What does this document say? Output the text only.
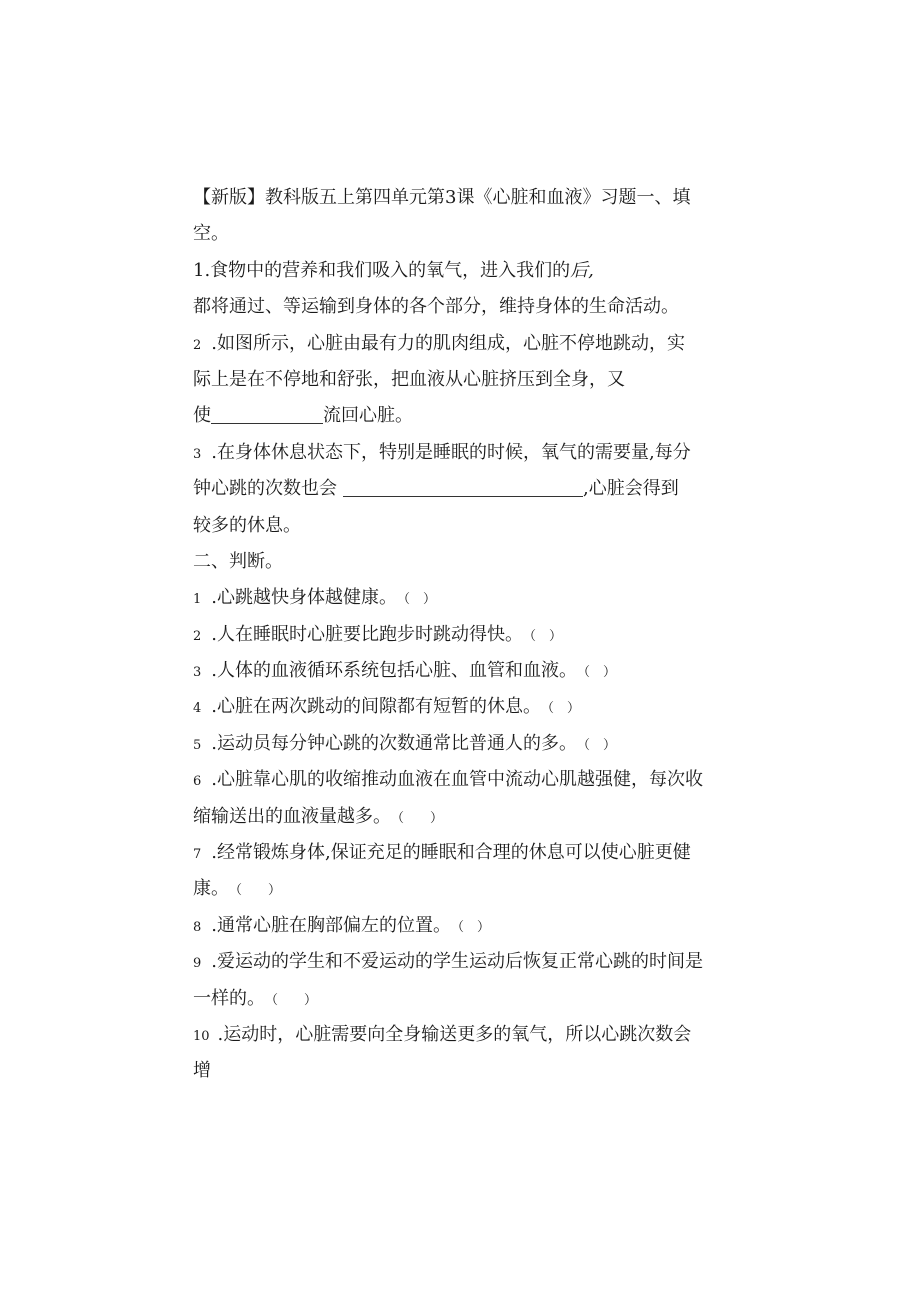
【新版】教科版五上第四单元第3课《心脏和血液》习题一、填
空。
1.食物中的营养和我们吸入的氧气，进入我们的后,
都将通过、等运输到身体的各个部分，维持身体的生命活动。
2 .如图所示，心脏由最有力的肌肉组成，心脏不停地跳动，实
际上是在不停地和舒张，把血液从心脏挤压到全身，又
使	流回心脏。
3 .在身体休息状态下，特别是睡眠的时候，氧气的需要量,每分
钟心跳的次数也会	,心脏会得到
较多的休息。
二、判断。
1 .心跳越快身体越健康。（　）
2 .人在睡眠时心脏要比跑步时跳动得快。（　）
3 .人体的血液循环系统包括心脏、血管和血液。（　）
4 .心脏在两次跳动的间隙都有短暂的休息。（　）
5 .运动员每分钟心跳的次数通常比普通人的多。（　）
6 .心脏靠心肌的收缩推动血液在血管中流动心肌越强健，每次收
缩输送出的血液量越多。（　　）
7 .经常锻炼身体,保证充足的睡眠和合理的休息可以使心脏更健
康。（　　）
8 .通常心脏在胸部偏左的位置。（　）
9 .爱运动的学生和不爱运动的学生运动后恢复正常心跳的时间是
一样的。（　　）
10 .运动时，心脏需要向全身输送更多的氧气，所以心跳次数会
增
